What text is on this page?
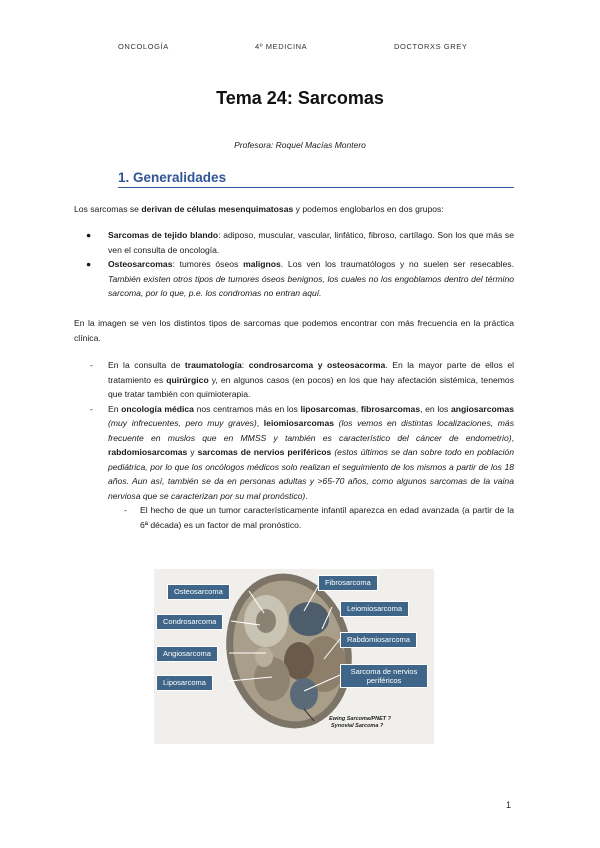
ONCOLOGÍA	4º MEDICINA	DOCTORXS GREY
Tema 24: Sarcomas
Profesora: Roquel Macías Montero
1. Generalidades
Los sarcomas se derivan de células mesenquimatosas y podemos englobarlos en dos grupos:
● Sarcomas de tejido blando: adiposo, muscular, vascular, linfático, fibroso, cartílago. Son los que más se ven el consulta de oncología.
● Osteosarcomas: tumores óseos malignos. Los ven los traumatólogos y no suelen ser resecables. También existen otros tipos de tumores óseos benignos, los cuales no los engoblamos dentro del término sarcoma, por lo que, p.e. los condromas no entran aquí.
En la imagen se ven los distintos tipos de sarcomas que podemos encontrar con más frecuencia en la práctica clínica.
- En la consulta de traumatología: condrosarcoma y osteosacorma. En la mayor parte de ellos el tratamiento es quirúrgico y, en algunos casos (en pocos) en los que hay afectación sistémica, tenemos que tratar también con quimioterapia.
- En oncología médica nos centramos más en los liposarcomas, fibrosarcomas, en los angiosarcomas (muy infrecuentes, pero muy graves), leiomiosarcomas (los vemos en distintas localizaciones, más frecuente en muslos que en MMSS y también es característico del cáncer de endometrio), rabdomiosarcomas y sarcomas de nervios periféricos (estos últimos se dan sobre todo en población pediátrica, por lo que los oncólogos médicos solo realizan el seguimiento de los mismos a partir de los 18 años. Aun así, también se da en personas adultas y >65-70 años, como algunos sarcomas de la vaina nerviosa que se caracterizan por su mal pronóstico).
- El hecho de que un tumor característicamente infantil aparezca en edad avanzada (a partir de la 6ª década) es un factor de mal pronóstico.
Osteosarcoma
Condrosarcoma
Angiosarcoma
Liposarcoma
Fibrosarcoma
Leiomiosarcoma
Rabdomiosarcoma
Sarcoma de nervios periféricos
Ewing Sarcoma/PNET ?
Synovial Sarcoma ?
1
